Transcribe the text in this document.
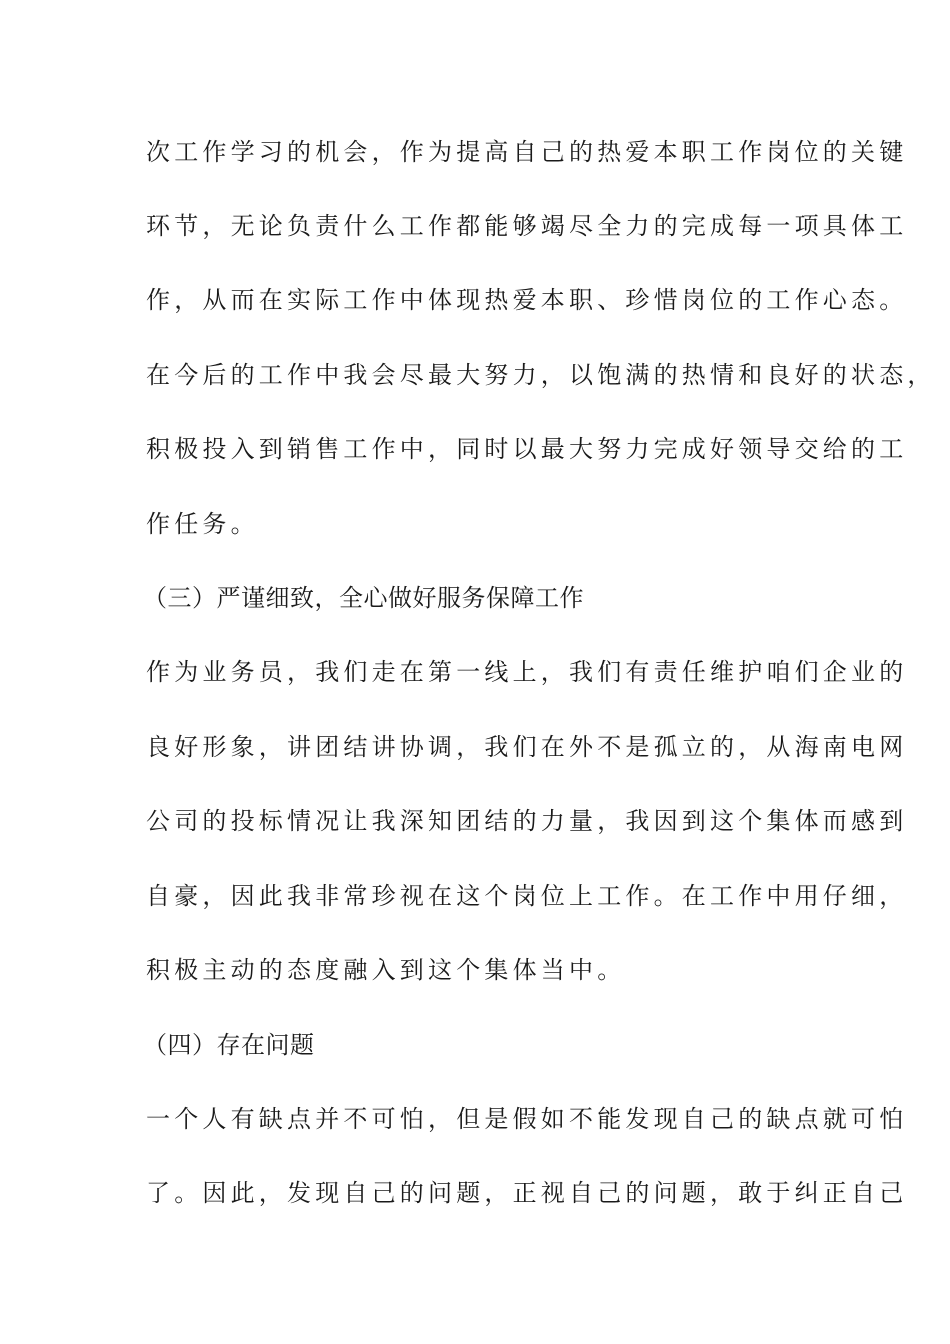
次工作学习的机会，作为提高自己的热爱本职工作岗位的关键
环节，无论负责什么工作都能够竭尽全力的完成每一项具体工
作，从而在实际工作中体现热爱本职、珍惜岗位的工作心态。
在今后的工作中我会尽最大努力，以饱满的热情和良好的状态，
积极投入到销售工作中，同时以最大努力完成好领导交给的工
作任务。
（三）严谨细致，全心做好服务保障工作
作为业务员，我们走在第一线上，我们有责任维护咱们企业的
良好形象，讲团结讲协调，我们在外不是孤立的，从海南电网
公司的投标情况让我深知团结的力量，我因到这个集体而感到
自豪，因此我非常珍视在这个岗位上工作。在工作中用仔细，
积极主动的态度融入到这个集体当中。
（四）存在问题
一个人有缺点并不可怕，但是假如不能发现自己的缺点就可怕
了。因此，发现自己的问题，正视自己的问题，敢于纠正自己
